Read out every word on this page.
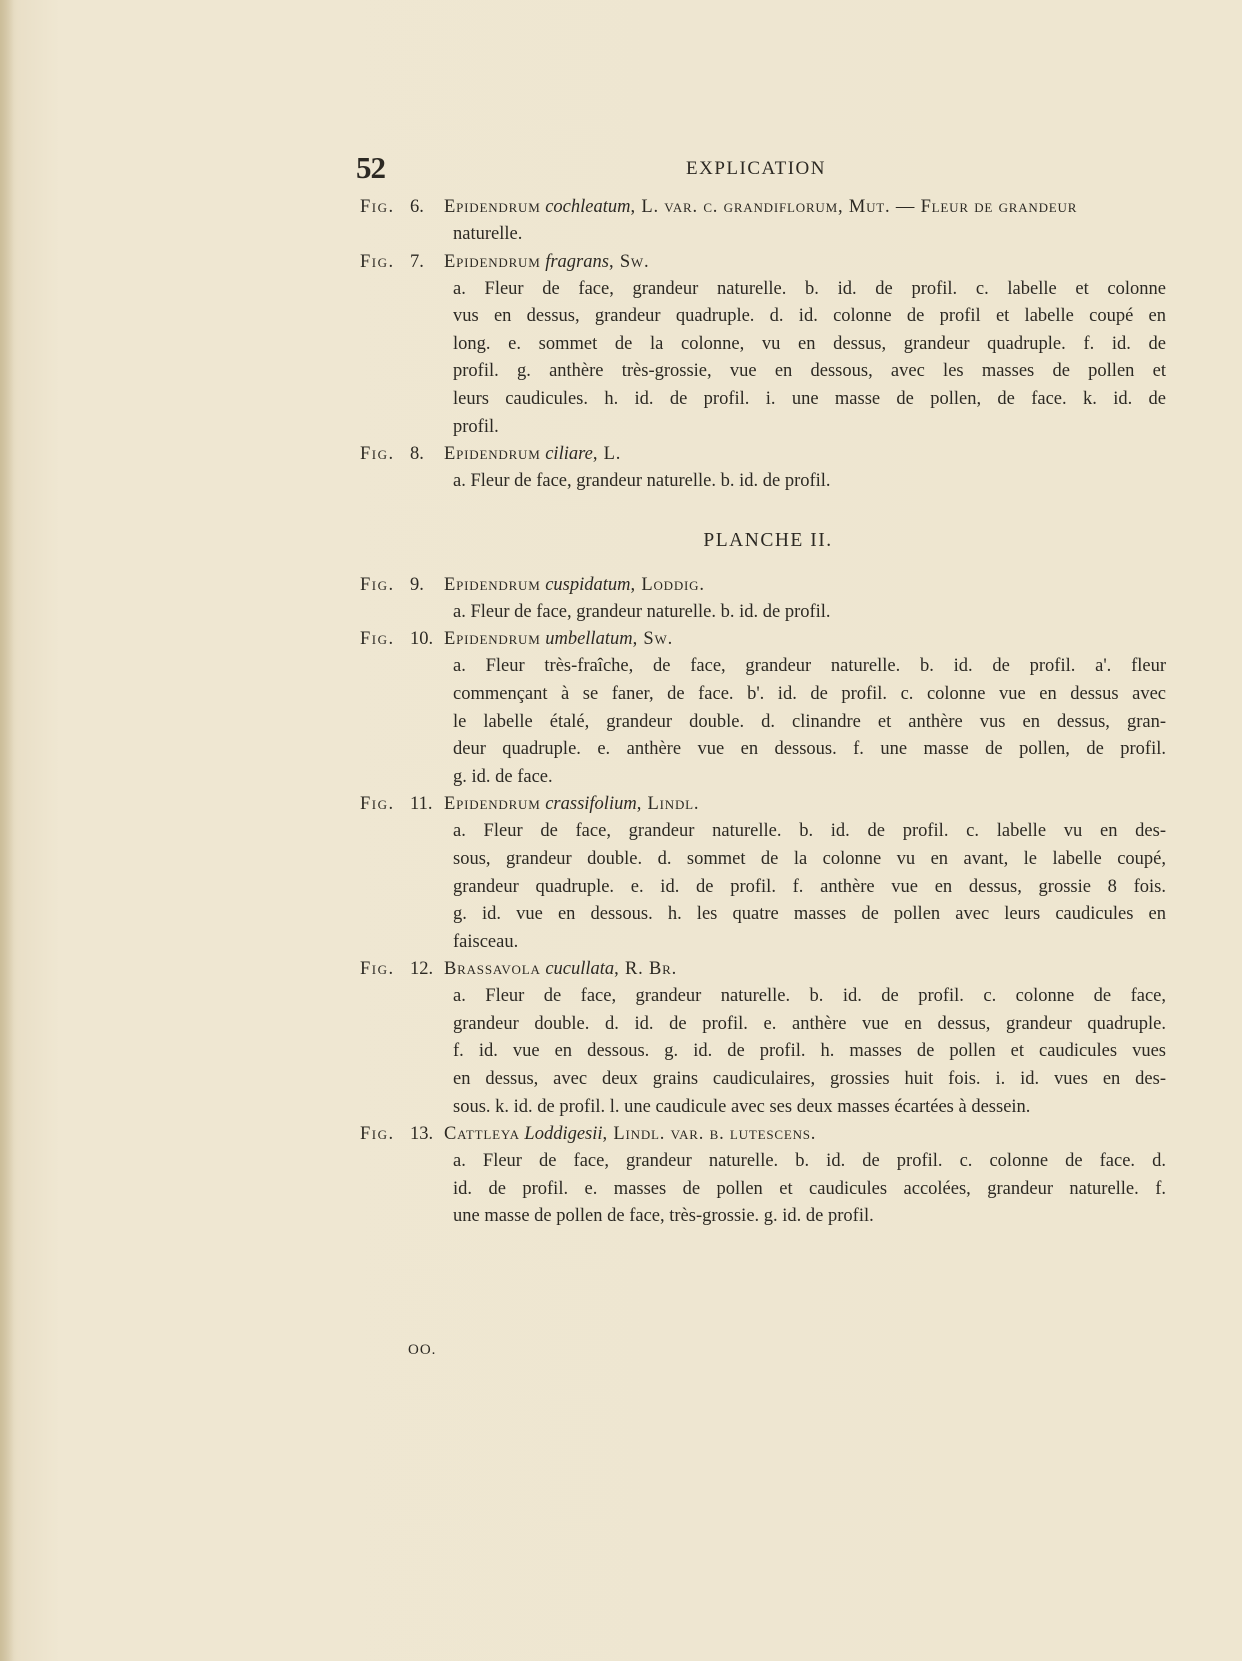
52	EXPLICATION
Fig. 6. Epidendrum cochleatum, L. var. c. grandiflorum, Mut. — Fleur de grandeur
naturelle.
Fig. 7. Epidendrum fragrans, Sw.
a. Fleur de face, grandeur naturelle. b. id. de profil. c. labelle et colonne
vus en dessus, grandeur quadruple. d. id. colonne de profil et labelle coupé en
long. e. sommet de la colonne, vu en dessus, grandeur quadruple. f. id. de
profil. g. anthère très-grossie, vue en dessous, avec les masses de pollen et
leurs caudicules. h. id. de profil. i. une masse de pollen, de face. k. id. de
profil.
Fig. 8. Epidendrum ciliare, L.
a. Fleur de face, grandeur naturelle. b. id. de profil.
PLANCHE II.
Fig. 9. Epidendrum cuspidatum, Loddig.
a. Fleur de face, grandeur naturelle. b. id. de profil.
Fig. 10. Epidendrum umbellatum, Sw.
a. Fleur très-fraîche, de face, grandeur naturelle. b. id. de profil. a'. fleur
commençant à se faner, de face. b'. id. de profil. c. colonne vue en dessus avec
le labelle étalé, grandeur double. d. clinandre et anthère vus en dessus, gran-
deur quadruple. e. anthère vue en dessous. f. une masse de pollen, de profil.
g. id. de face.
Fig. 11. Epidendrum crassifolium, Lindl.
a. Fleur de face, grandeur naturelle. b. id. de profil. c. labelle vu en des-
sous, grandeur double. d. sommet de la colonne vu en avant, le labelle coupé,
grandeur quadruple. e. id. de profil. f. anthère vue en dessus, grossie 8 fois.
g. id. vue en dessous. h. les quatre masses de pollen avec leurs caudicules en
faisceau.
Fig. 12. Brassavola cucullata, R. Br.
a. Fleur de face, grandeur naturelle. b. id. de profil. c. colonne de face,
grandeur double. d. id. de profil. e. anthère vue en dessus, grandeur quadruple.
f. id. vue en dessous. g. id. de profil. h. masses de pollen et caudicules vues
en dessus, avec deux grains caudiculaires, grossies huit fois. i. id. vues en des-
sous. k. id. de profil. l. une caudicule avec ses deux masses écartées à dessein.
Fig. 13. Cattleya Loddigesii, Lindl. var. b. lutescens.
a. Fleur de face, grandeur naturelle. b. id. de profil. c. colonne de face. d.
id. de profil. e. masses de pollen et caudicules accolées, grandeur naturelle. f.
une masse de pollen de face, très-grossie. g. id. de profil.
OO.
